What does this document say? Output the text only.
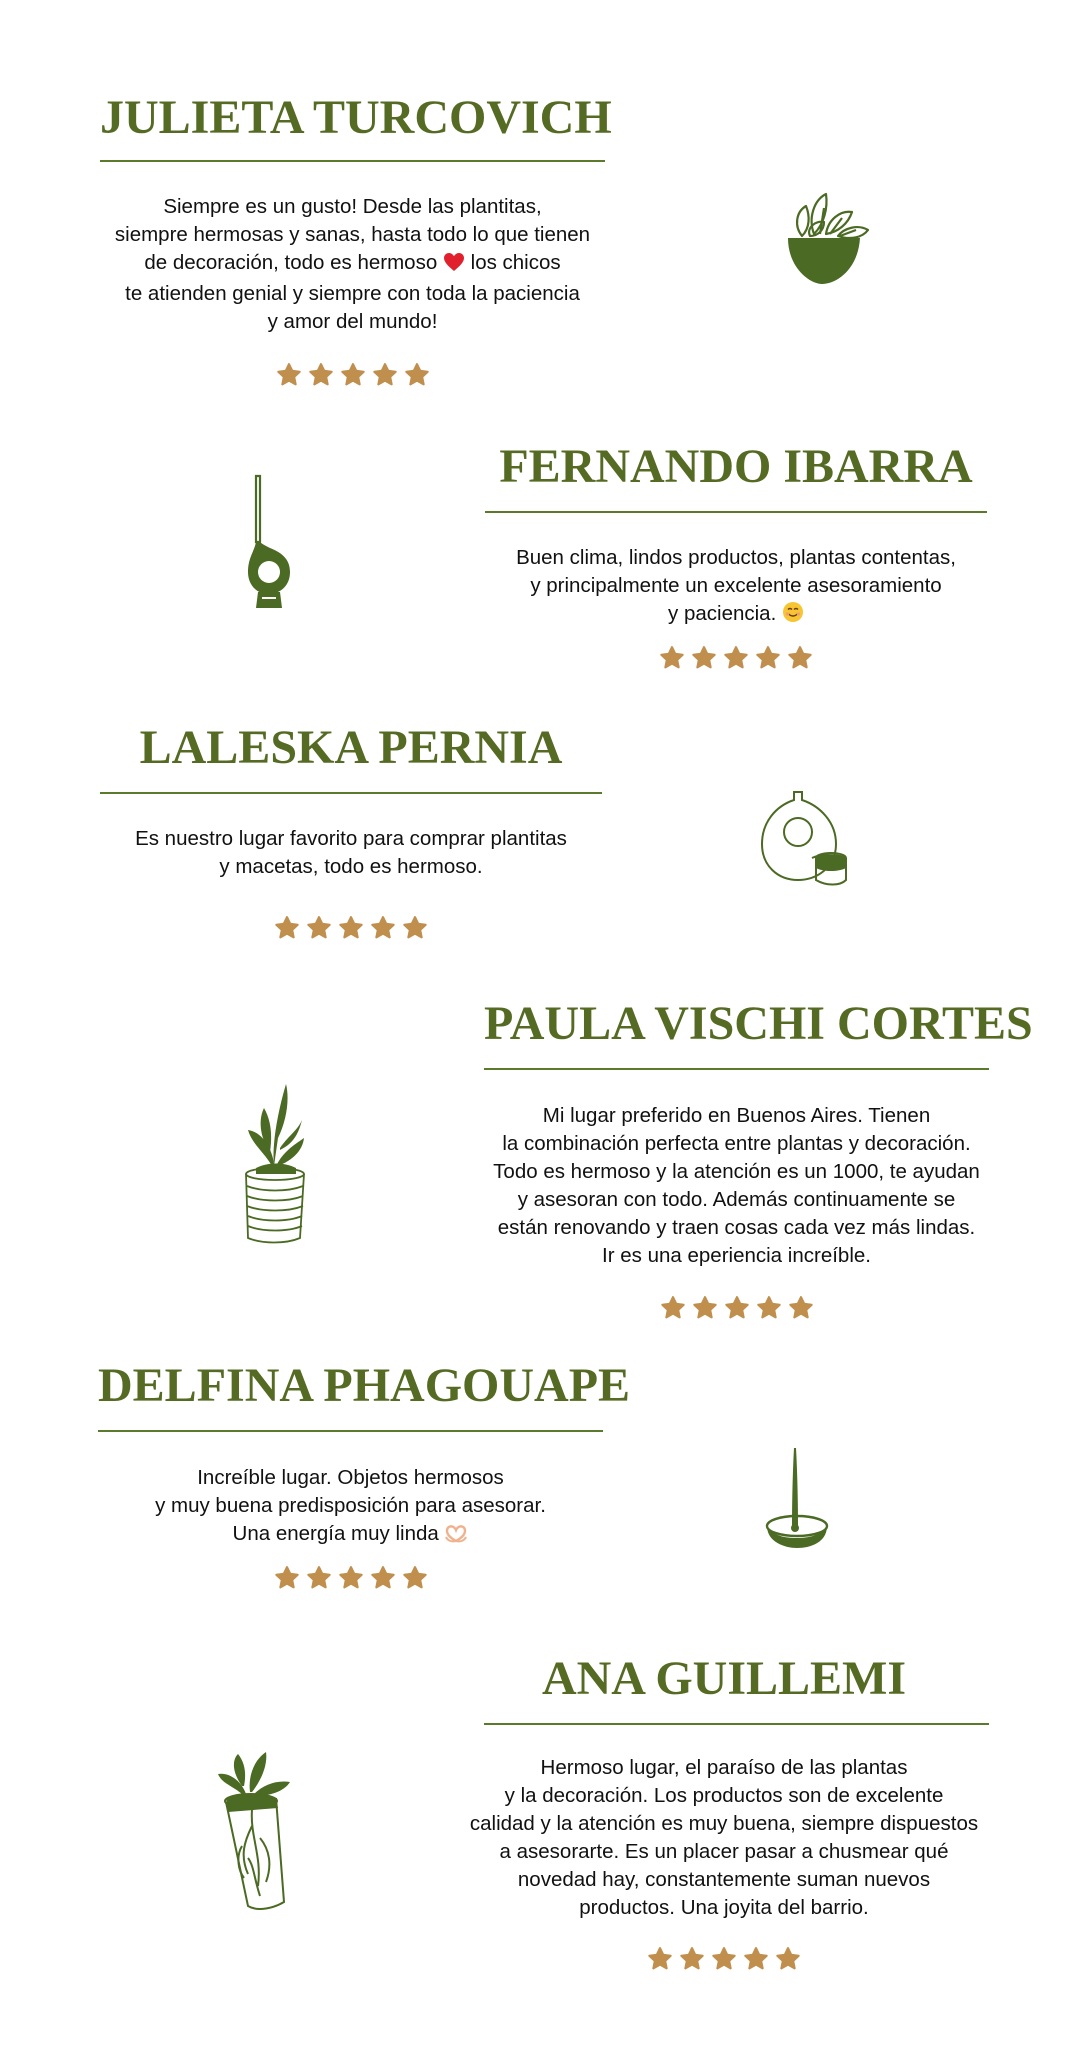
JULIETA TURCOVICH
Siempre es un gusto! Desde las plantitas,
siempre hermosas y sanas, hasta todo lo que tienen
de decoración, todo es hermoso  los chicos
te atienden genial y siempre con toda la paciencia
y amor del mundo!
FERNANDO IBARRA
Buen clima, lindos productos, plantas contentas,
y principalmente un excelente asesoramiento
y paciencia.
LALESKA PERNIA
Es nuestro lugar favorito para comprar plantitas
y macetas, todo es hermoso.
PAULA VISCHI CORTES
Mi lugar preferido en Buenos Aires. Tienen
la combinación perfecta entre plantas y decoración.
Todo es hermoso y la atención es un 1000, te ayudan
y asesoran con todo. Además continuamente se
están renovando y traen cosas cada vez más lindas.
Ir es una eperiencia increíble.
DELFINA PHAGOUAPE
Increíble lugar. Objetos hermosos
y muy buena predisposición para asesorar.
Una energía muy linda
ANA GUILLEMI
Hermoso lugar, el paraíso de las plantas
y la decoración. Los productos son de excelente
calidad y la atención es muy buena, siempre dispuestos
a asesorarte. Es un placer pasar a chusmear qué
novedad hay, constantemente suman nuevos
productos. Una joyita del barrio.
